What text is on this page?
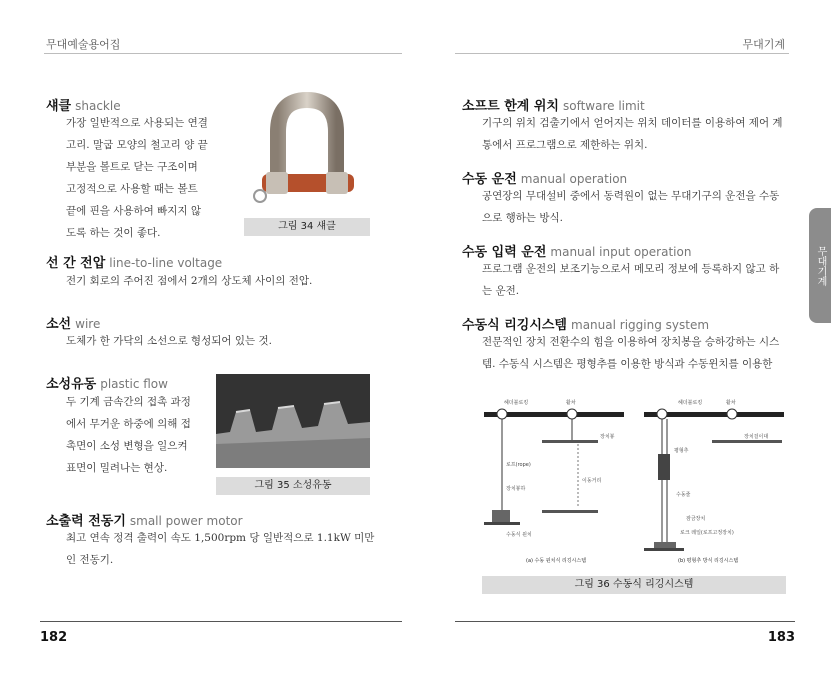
무대예술용어집	무대기계
무대기계
섀클 shackle

가장 일반적으로 사용되는 연결고리. 말굽 모양의 철고리 양 끝부분을 볼트로 닫는 구조이며 고정적으로 사용할 때는 볼트 끝에 핀을 사용하여 빠지지 않도록 하는 것이 좋다.

그림 34 섀클
선 간 전압 line-to-line voltage

전기 회로의 주어진 점에서 2개의 상도체 사이의 전압.

소선 wire

도체가 한 가닥의 소선으로 형성되어 있는 것.

소성유동 plastic flow

두 기계 금속간의 접촉 과정에서 무거운 하중에 의해 접촉면이 소성 변형을 일으켜 표면이 밀려나는 현상.

그림 35 소성유동
소출력 전동기 small power motor

최고 연속 정격 출력이 속도 1,500rpm 당 일반적으로 1.1kW 미만인 전동기.

182
소프트 한계 위치 software limit

기구의 위치 검출기에서 얻어지는 위치 데이터를 이용하여 제어 계통에서 프로그램으로 제한하는 위치.

수동 운전 manual operation

공연장의 무대설비 중에서 동력원이 없는 무대기구의 운전을 수동으로 행하는 방식.

수동 입력 운전 manual input operation

프로그램 운전의 보조기능으로서 메모리 정보에 등록하지 않고 하는 운전.

수동식 리깅시스템 manual rigging system

전문적인 장치 전환수의 힘을 이용하여 장치봉을 승하강하는 시스템. 수동식 시스템은 평형추를 이용한 방식과 수동윈치를 이용한

헤더블로킹	활차
장치봉
로프(rope)
장치봉하
이동거리
수동식 윈치
헤더블로킹	활차
장치걸이대
평형추
수동줄
잠금장치
로크 레일(로프고정장치)
(a) 수동 윈치식 리깅시스템	(b) 평형추 방식 리깅시스템
그림 36 수동식 리깅시스템
183
